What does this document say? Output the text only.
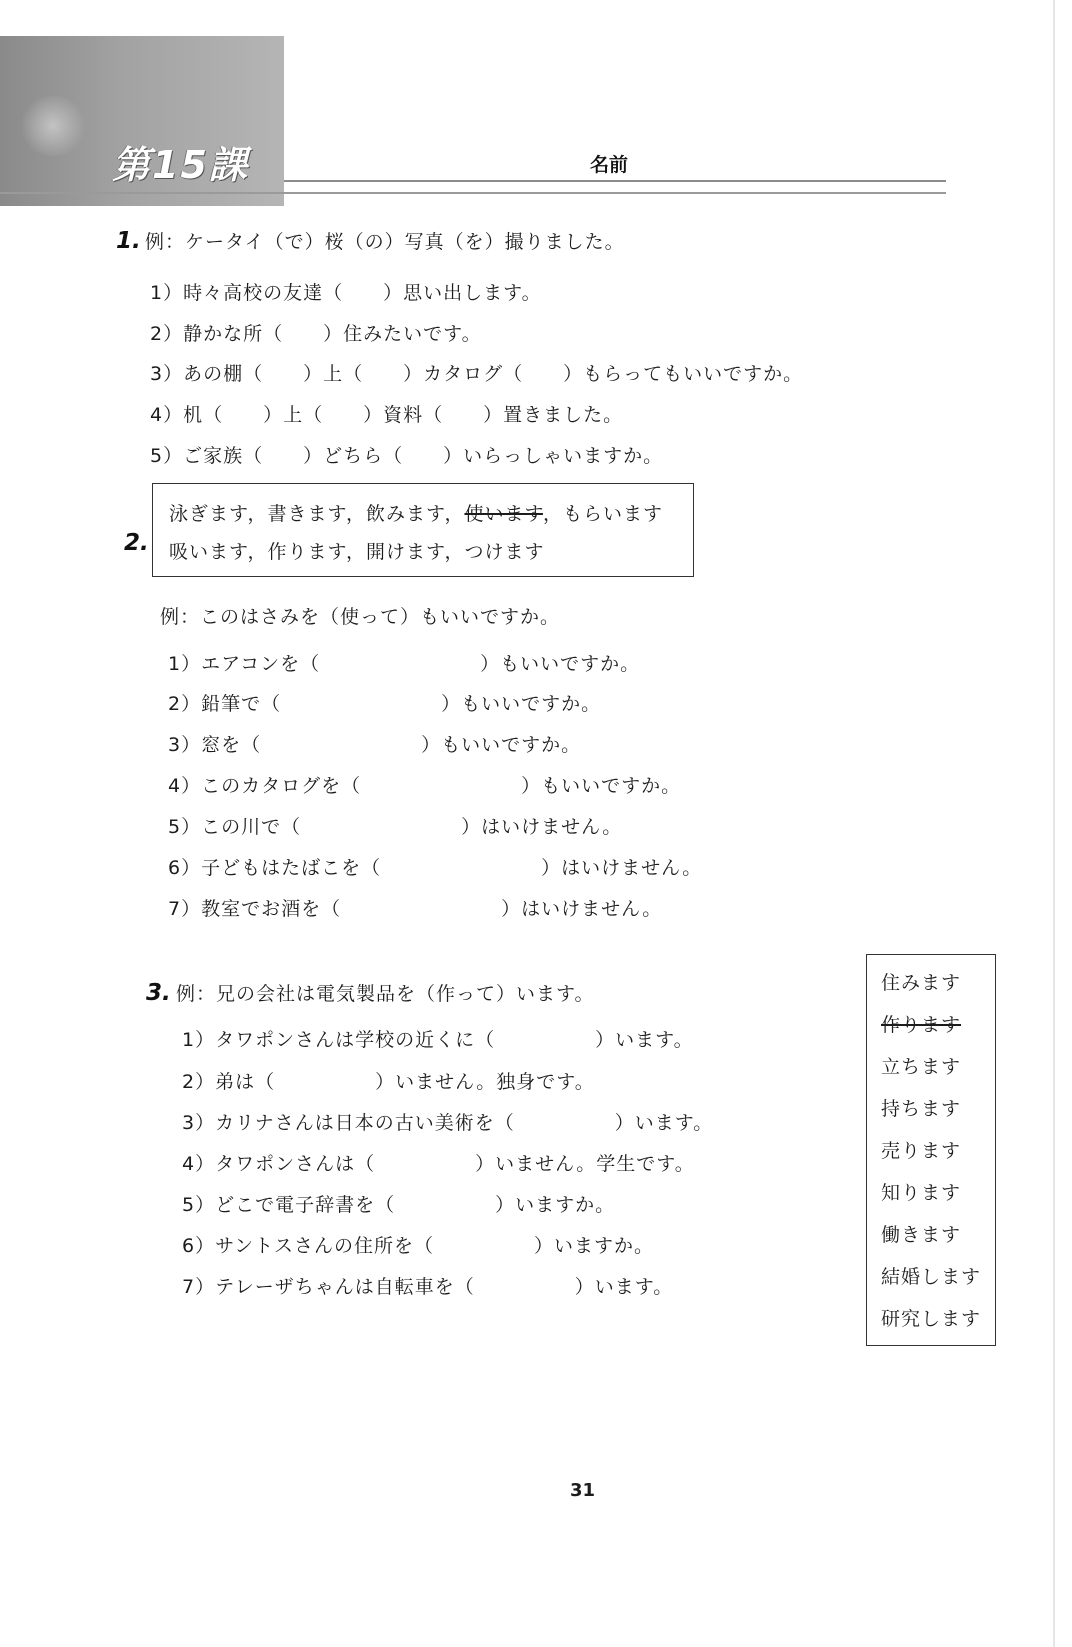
第15課	名前
1. 例：ケータイ（で）桜（の）写真（を）撮りました。
1）時々高校の友達（　　）思い出します。
2）静かな所（　　）住みたいです。
3）あの棚（　　）上（　　）カタログ（　　）もらってもいいですか。
4）机（　　）上（　　）資料（　　）置きました。
5）ご家族（　　）どちら（　　）いらっしゃいますか。
2.
泳ぎます，書きます，飲みます，使います，もらいます
吸います，作ります，開けます，つけます
例：このはさみを（使って）もいいですか。
1）エアコンを（　　　　　　　　）もいいですか。
2）鉛筆で（　　　　　　　　）もいいですか。
3）窓を（　　　　　　　　）もいいですか。
4）このカタログを（　　　　　　　　）もいいですか。
5）この川で（　　　　　　　　）はいけません。
6）子どもはたばこを（　　　　　　　　）はいけません。
7）教室でお酒を（　　　　　　　　）はいけません。
3. 例：兄の会社は電気製品を（作って）います。
1）タワポンさんは学校の近くに（　　　　　）います。
2）弟は（　　　　　）いません。独身です。
3）カリナさんは日本の古い美術を（　　　　　）います。
4）タワポンさんは（　　　　　）いません。学生です。
5）どこで電子辞書を（　　　　　）いますか。
6）サントスさんの住所を（　　　　　）いますか。
7）テレーザちゃんは自転車を（　　　　　）います。
住みます
作ります
立ちます
持ちます
売ります
知ります
働きます
結婚します
研究します
31
